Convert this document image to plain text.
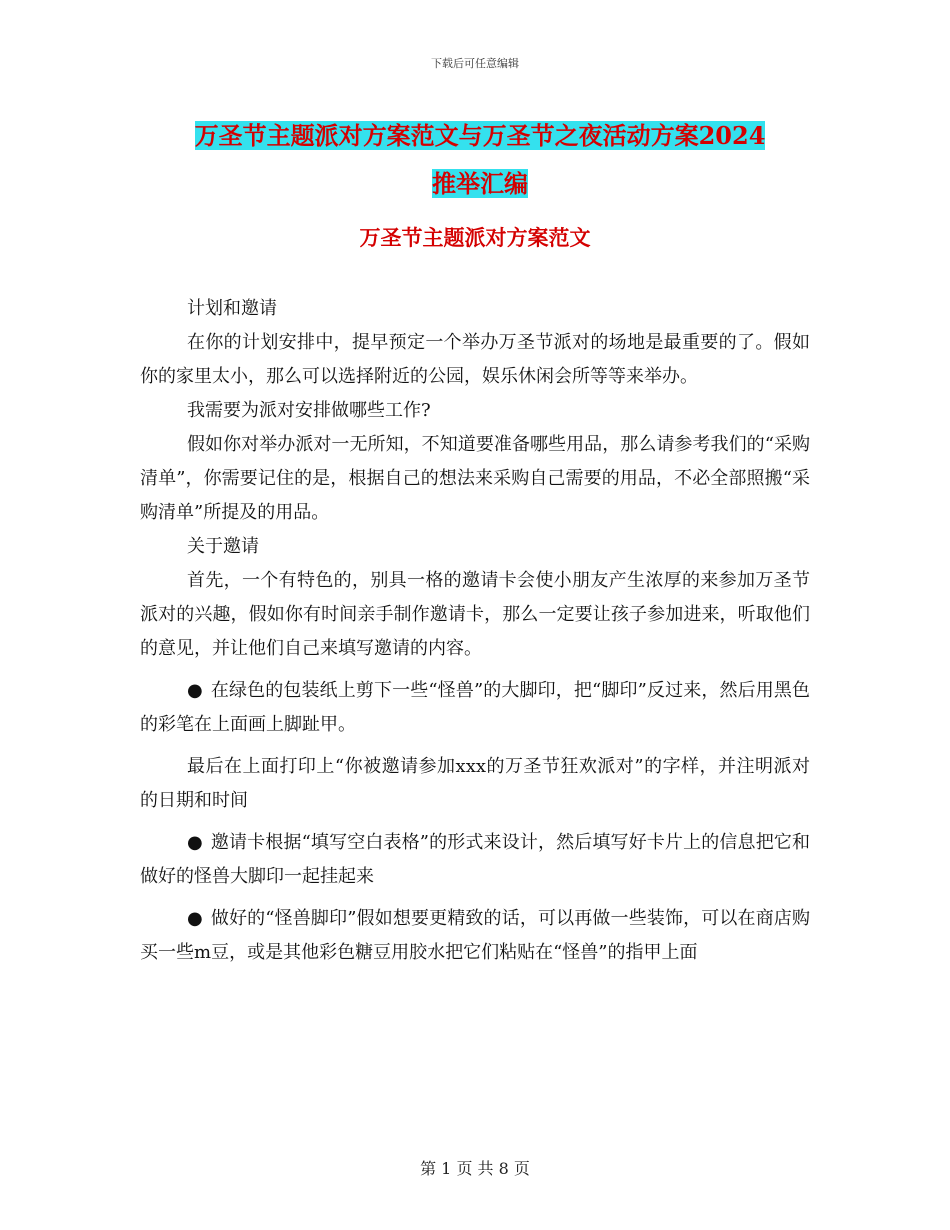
下载后可任意编辑
万圣节主题派对方案范文与万圣节之夜活动方案2024
推举汇编
万圣节主题派对方案范文

计划和邀请

在你的计划安排中，提早预定一个举办万圣节派对的场地是最重要的了。假如你的家里太小，那么可以选择附近的公园，娱乐休闲会所等等来举办。

我需要为派对安排做哪些工作?

假如你对举办派对一无所知，不知道要准备哪些用品，那么请参考我们的“采购清单”，你需要记住的是，根据自己的想法来采购自己需要的用品，不必全部照搬“采购清单”所提及的用品。

关于邀请

首先，一个有特色的，别具一格的邀请卡会使小朋友产生浓厚的来参加万圣节派对的兴趣，假如你有时间亲手制作邀请卡，那么一定要让孩子参加进来，听取他们的意见，并让他们自己来填写邀请的内容。

● 在绿色的包装纸上剪下一些“怪兽”的大脚印，把“脚印”反过来，然后用黑色的彩笔在上面画上脚趾甲。

最后在上面打印上“你被邀请参加xxx的万圣节狂欢派对”的字样，并注明派对的日期和时间

● 邀请卡根据“填写空白表格”的形式来设计，然后填写好卡片上的信息把它和做好的怪兽大脚印一起挂起来

● 做好的“怪兽脚印”假如想要更精致的话，可以再做一些装饰，可以在商店购买一些m豆，或是其他彩色糖豆用胶水把它们粘贴在“怪兽”的指甲上面

第 1 页 共 8 页
